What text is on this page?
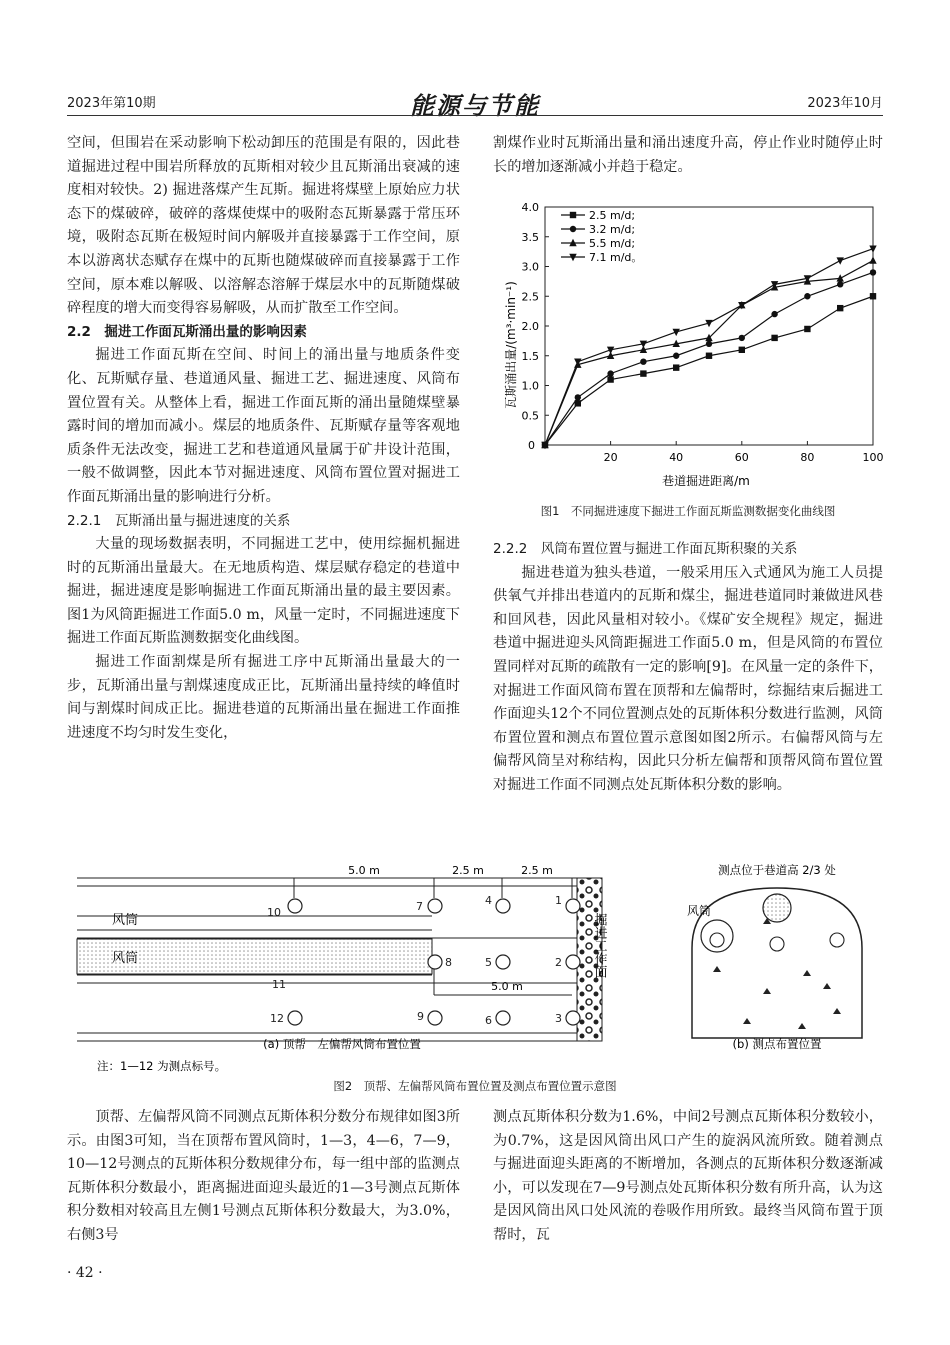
2023年第10期	能源与节能	2023年10月

空间，但围岩在采动影响下松动卸压的范围是有限的，因此巷道掘进过程中围岩所释放的瓦斯相对较少且瓦斯涌出衰减的速度相对较快。2) 掘进落煤产生瓦斯。掘进将煤壁上原始应力状态下的煤破碎，破碎的落煤使煤中的吸附态瓦斯暴露于常压环境，吸附态瓦斯在极短时间内解吸并直接暴露于工作空间，原本以游离状态赋存在煤中的瓦斯也随煤破碎而直接暴露于工作空间，原本难以解吸、以溶解态溶解于煤层水中的瓦斯随煤破碎程度的增大而变得容易解吸，从而扩散至工作空间。

2.2　掘进工作面瓦斯涌出量的影响因素

掘进工作面瓦斯在空间、时间上的涌出量与地质条件变化、瓦斯赋存量、巷道通风量、掘进工艺、掘进速度、风筒布置位置有关。从整体上看，掘进工作面瓦斯的涌出量随煤壁暴露时间的增加而减小。煤层的地质条件、瓦斯赋存量等客观地质条件无法改变，掘进工艺和巷道通风量属于矿井设计范围，一般不做调整，因此本节对掘进速度、风筒布置位置对掘进工作面瓦斯涌出量的影响进行分析。

2.2.1　瓦斯涌出量与掘进速度的关系

大量的现场数据表明，不同掘进工艺中，使用综掘机掘进时的瓦斯涌出量最大。在无地质构造、煤层赋存稳定的巷道中掘进，掘进速度是影响掘进工作面瓦斯涌出量的最主要因素。图1为风筒距掘进工作面5.0 m，风量一定时，不同掘进速度下掘进工作面瓦斯监测数据变化曲线图。

掘进工作面割煤是所有掘进工序中瓦斯涌出量最大的一步，瓦斯涌出量与割煤速度成正比，瓦斯涌出量持续的峰值时间与割煤时间成正比。掘进巷道的瓦斯涌出量在掘进工作面推进速度不均匀时发生变化，

割煤作业时瓦斯涌出量和涌出速度升高，停止作业时随停止时长的增加逐渐减小并趋于稳定。

0.5
1.0
1.5
2.0
2.5
3.0
3.5
4.0
20	40	60	80	100
0
2.5 m/d;
3.2 m/d;
5.5 m/d;
7.1 m/d。
瓦斯涌出量/(m³·min⁻¹)
巷道掘进距离/m
图1　不同掘进速度下掘进工作面瓦斯监测数据变化曲线图

2.2.2　风筒布置位置与掘进工作面瓦斯积聚的关系

掘进巷道为独头巷道，一般采用压入式通风为施工人员提供氧气并排出巷道内的瓦斯和煤尘，掘进巷道同时兼做进风巷和回风巷，因此风量相对较小。《煤矿安全规程》规定，掘进巷道中掘进迎头风筒距掘进工作面5.0 m，但是风筒的布置位置同样对瓦斯的疏散有一定的影响[9]。在风量一定的条件下，对掘进工作面风筒布置在顶帮和左偏帮时，综掘结束后掘进工作面迎头12个不同位置测点处的瓦斯体积分数进行监测，风筒布置位置和测点布置位置示意图如图2所示。右偏帮风筒与左偏帮风筒呈对称结构，因此只分析左偏帮和顶帮风筒布置位置对掘进工作面不同测点处瓦斯体积分数的影响。

风筒
风筒
5.0 m	2.5 m	2.5 m
5.0 m
掘进工作面
10	7	4	1
8	5	2
11
12	9	6	3
(a) 顶帮　左偏帮风筒布置位置
测点位于巷道高 2/3 处
风筒
(b) 测点布置位置
注：1—12 为测点标号。
图2　顶帮、左偏帮风筒布置位置及测点布置位置示意图

顶帮、左偏帮风筒不同测点瓦斯体积分数分布规律如图3所示。由图3可知，当在顶帮布置风筒时，1—3，4—6，7—9，10—12号测点的瓦斯体积分数规律分布，每一组中部的监测点瓦斯体积分数最小，距离掘进面迎头最近的1—3号测点瓦斯体积分数相对较高且左侧1号测点瓦斯体积分数最大，为3.0%，右侧3号

测点瓦斯体积分数为1.6%，中间2号测点瓦斯体积分数较小，为0.7%，这是因风筒出风口产生的旋涡风流所致。随着测点与掘进面迎头距离的不断增加，各测点的瓦斯体积分数逐渐减小，可以发现在7—9号测点处瓦斯体积分数有所升高，认为这是因风筒出风口处风流的卷吸作用所致。最终当风筒布置于顶帮时，瓦

· 42 ·
